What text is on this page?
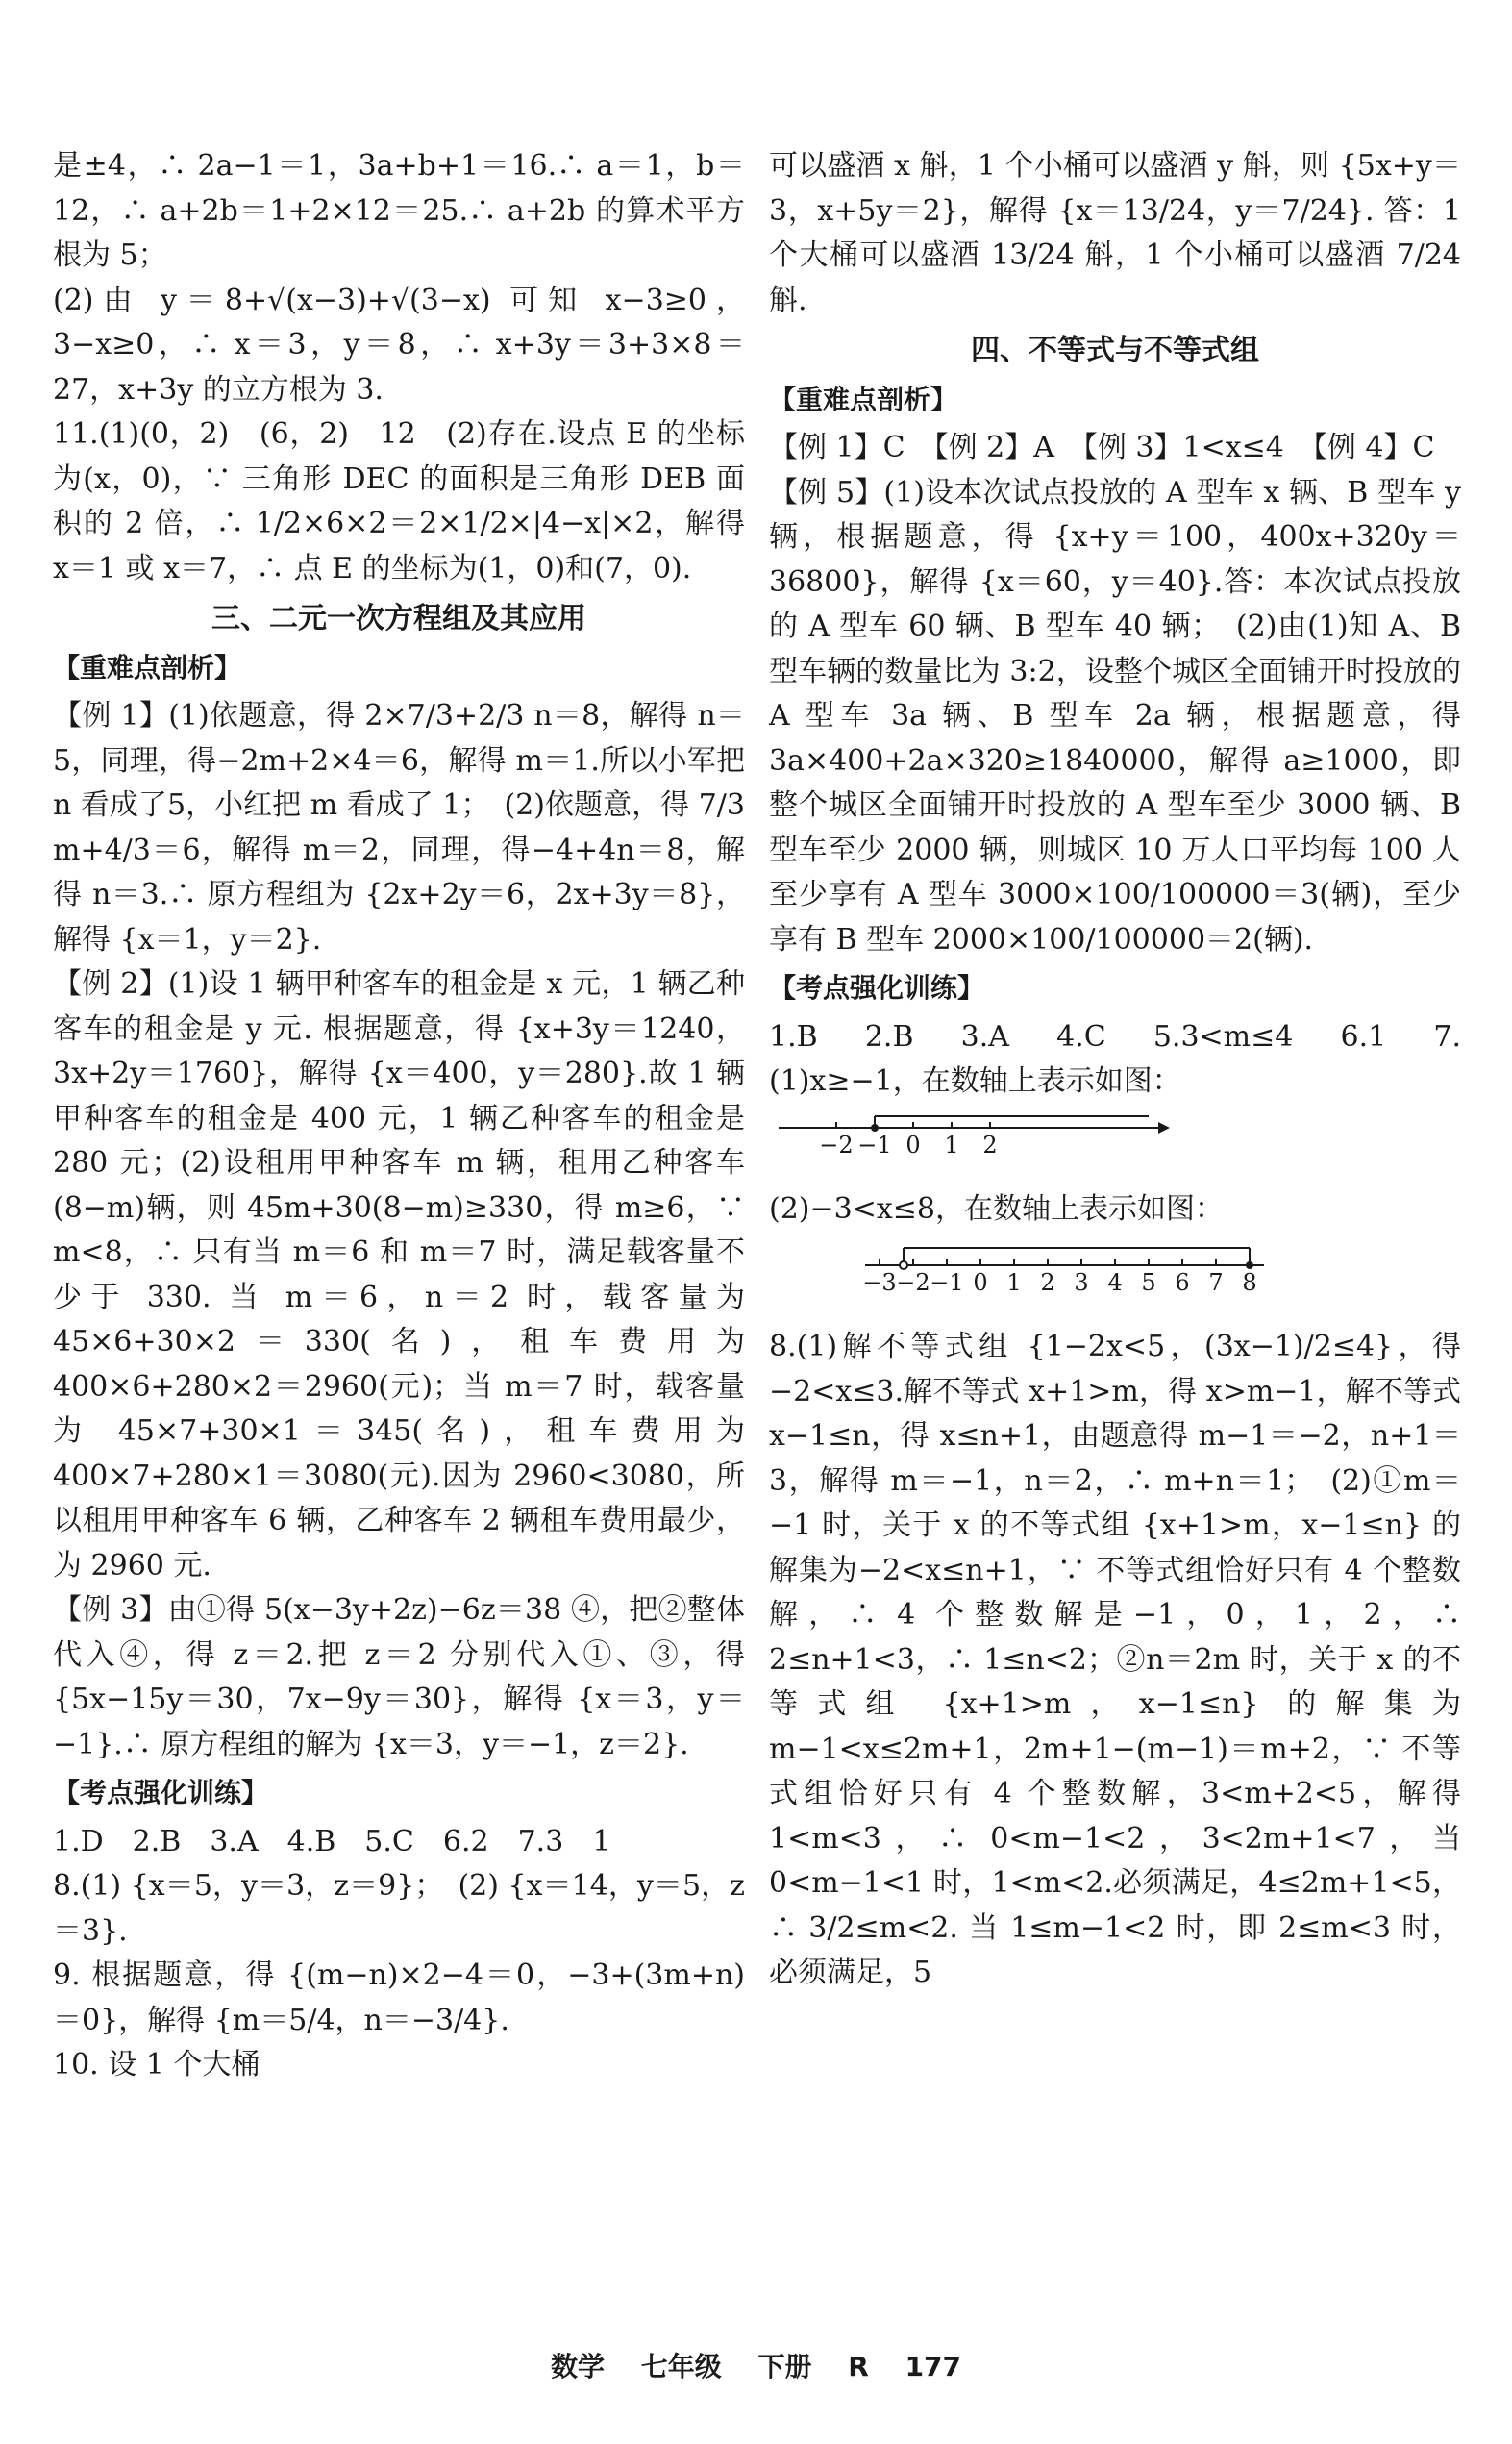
是±4，∴ 2a−1＝1，3a+b+1＝16.∴ a＝1，b＝12，∴ a+2b＝1+2×12＝25.∴ a+2b 的算术平方根为 5；

(2)由 y＝8+√(x−3)+√(3−x) 可知 x−3≥0，3−x≥0，∴ x＝3，y＝8，∴ x+3y＝3+3×8＝27，x+3y 的立方根为 3.

11.(1)(0，2)　(6，2)　12　(2)存在.设点 E 的坐标为(x，0)，∵ 三角形 DEC 的面积是三角形 DEB 面积的 2 倍，∴ 1/2×6×2＝2×1/2×|4−x|×2，解得 x＝1 或 x＝7，∴ 点 E 的坐标为(1，0)和(7，0).

三、二元一次方程组及其应用
【重难点剖析】

【例 1】(1)依题意，得 2×7/3+2/3 n＝8，解得 n＝5，同理，得−2m+2×4＝6，解得 m＝1.所以小军把 n 看成了5，小红把 m 看成了 1；　(2)依题意，得 7/3 m+4/3＝6，解得 m＝2，同理，得−4+4n＝8，解得 n＝3.∴ 原方程组为 {2x+2y＝6，2x+3y＝8}，解得 {x＝1，y＝2}.

【例 2】(1)设 1 辆甲种客车的租金是 x 元，1 辆乙种客车的租金是 y 元. 根据题意，得 {x+3y＝1240，3x+2y＝1760}，解得 {x＝400，y＝280}.故 1 辆甲种客车的租金是 400 元，1 辆乙种客车的租金是 280 元；(2)设租用甲种客车 m 辆，租用乙种客车(8−m)辆，则 45m+30(8−m)≥330，得 m≥6，∵ m<8，∴ 只有当 m＝6 和 m＝7 时，满足载客量不少于 330. 当 m＝6，n＝2 时，载客量为 45×6+30×2＝330(名)，租车费用为 400×6+280×2＝2960(元)；当 m＝7 时，载客量为 45×7+30×1＝345(名)，租车费用为 400×7+280×1＝3080(元).因为 2960<3080，所以租用甲种客车 6 辆，乙种客车 2 辆租车费用最少，为 2960 元.

【例 3】由①得 5(x−3y+2z)−6z＝38 ④，把②整体代入④，得 z＝2.把 z＝2 分别代入①、③，得 {5x−15y＝30，7x−9y＝30}，解得 {x＝3，y＝−1}.∴ 原方程组的解为 {x＝3，y＝−1，z＝2}.

【考点强化训练】

1.D　2.B　3.A　4.B　5.C　6.2　7.3　1

8.(1) {x＝5，y＝3，z＝9}；　(2) {x＝14，y＝5，z＝3}.

9. 根据题意，得 {(m−n)×2−4＝0，−3+(3m+n)＝0}，解得 {m＝5/4，n＝−3/4}.

10. 设 1 个大桶

可以盛酒 x 斛，1 个小桶可以盛酒 y 斛，则 {5x+y＝3，x+5y＝2}，解得 {x＝13/24，y＝7/24}. 答：1 个大桶可以盛酒 13/24 斛，1 个小桶可以盛酒 7/24 斛.

四、不等式与不等式组
【重难点剖析】

【例 1】C　【例 2】A　【例 3】1<x≤4　【例 4】C

【例 5】(1)设本次试点投放的 A 型车 x 辆、B 型车 y 辆，根据题意，得 {x+y＝100，400x+320y＝36800}，解得 {x＝60，y＝40}.答：本次试点投放的 A 型车 60 辆、B 型车 40 辆；　(2)由(1)知 A、B 型车辆的数量比为 3:2，设整个城区全面铺开时投放的 A 型车 3a 辆、B 型车 2a 辆，根据题意，得 3a×400+2a×320≥1840000，解得 a≥1000，即整个城区全面铺开时投放的 A 型车至少 3000 辆、B 型车至少 2000 辆，则城区 10 万人口平均每 100 人至少享有 A 型车 3000×100/100000＝3(辆)，至少享有 B 型车 2000×100/100000＝2(辆).

【考点强化训练】

1.B　2.B　3.A　4.C　5.3<m≤4　6.1　7.(1)x≥−1，在数轴上表示如图：

−2 −1 0 1 2

(2)−3<x≤8，在数轴上表示如图：

−3 −2 −1 0 1 2 3 4 5 6 7 8

8.(1)解不等式组 {1−2x<5，(3x−1)/2≤4}，得−2<x≤3.解不等式 x+1>m，得 x>m−1，解不等式 x−1≤n，得 x≤n+1，由题意得 m−1＝−2，n+1＝3，解得 m＝−1，n＝2，∴ m+n＝1；　(2)①m＝−1 时，关于 x 的不等式组 {x+1>m，x−1≤n} 的解集为−2<x≤n+1，∵ 不等式组恰好只有 4 个整数解，∴ 4 个整数解是−1，0，1，2，∴ 2≤n+1<3，∴ 1≤n<2；②n＝2m 时，关于 x 的不等式组 {x+1>m，x−1≤n} 的解集为 m−1<x≤2m+1，2m+1−(m−1)＝m+2，∵ 不等式组恰好只有 4 个整数解，3<m+2<5，解得 1<m<3，∴ 0<m−1<2，3<2m+1<7，当 0<m−1<1 时，1<m<2.必须满足，4≤2m+1<5，∴ 3/2≤m<2. 当 1≤m−1<2 时，即 2≤m<3 时，必须满足，5

数学 七年级 下册 R 177
